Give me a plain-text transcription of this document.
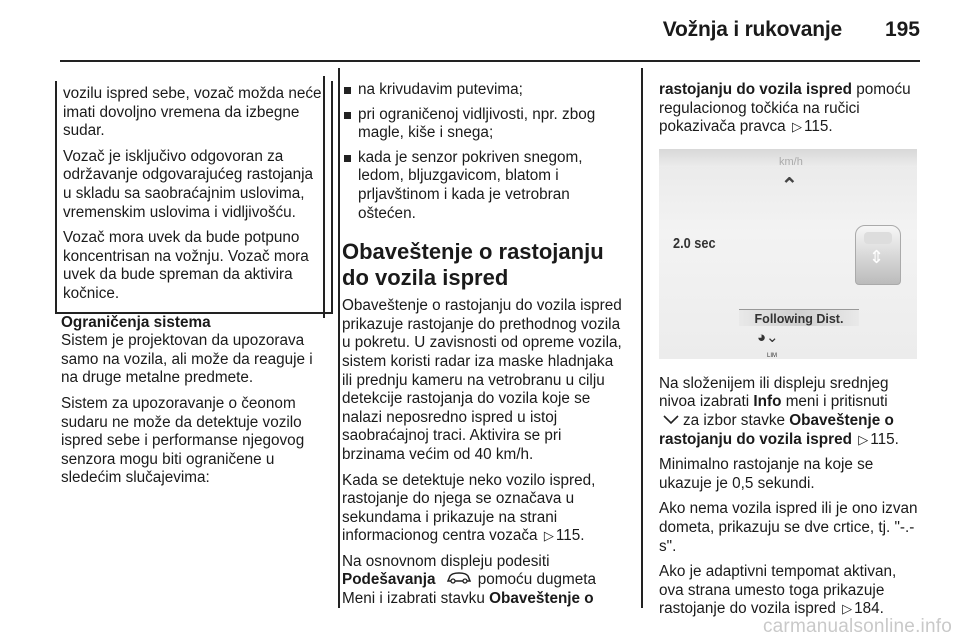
Vožnja i rukovanje 195

vozilu ispred sebe, vozač možda neće imati dovoljno vremena da izbegne sudar.

Vozač je isključivo odgovoran za održavanje odgovarajućeg rastojanja u skladu sa saobraćajnim uslovima, vremenskim uslovima i vidljivošću.

Vozač mora uvek da bude potpuno koncentrisan na vožnju. Vozač mora uvek da bude spreman da aktivira kočnice.

Ograničenja sistema

Sistem je projektovan da upozorava samo na vozila, ali može da reaguje i na druge metalne predmete.

Sistem za upozoravanje o čeonom sudaru ne može da detektuje vozilo ispred sebe i performanse njegovog senzora mogu biti ograničene u sledećim slučajevima:

na krivudavim putevima;
pri ograničenoj vidljivosti, npr. zbog magle, kiše i snega;
kada je senzor pokriven snegom, ledom, bljuzgavicom, blatom i prljavštinom i kada je vetrobran oštećen.
Obaveštenje o rastojanju do vozila ispred

Obaveštenje o rastojanju do vozila ispred prikazuje rastojanje do prethodnog vozila u pokretu. U zavisnosti od opreme vozila, sistem koristi radar iza maske hladnjaka ili prednju kameru na vetrobranu u cilju detekcije rastojanja do vozila koje se nalazi neposredno ispred u istoj saobraćajnoj traci. Aktivira se pri brzinama većim od 40 km/h.

Kada se detektuje neko vozilo ispred, rastojanje do njega se označava u sekundama i prikazuje na strani informacionog centra vozača ▷ 115.

Na osnovnom displeju podesiti
Podešavanja	pomoću dugmeta Meni i izabrati stavku Obaveštenje o

rastojanju do vozila ispred pomoću regulacionog točkića na ručici pokazivača pravca ▷ 115.

km/h
⌃
2.0 sec
⇕
Following Dist.
◕⌄
LIM

Na složenijem ili displeju srednjeg nivoa izabrati Info meni i pritisnuti
za izbor stavke Obaveštenje o rastojanju do vozila ispred ▷ 115.

Minimalno rastojanje na koje se ukazuje je 0,5 sekundi.

Ako nema vozila ispred ili je ono izvan dometa, prikazuju se dve crtice, tj. "-.- s".

Ako je adaptivni tempomat aktivan, ova strana umesto toga prikazuje rastojanje do vozila ispred ▷ 184.

carmanualsonline.info
